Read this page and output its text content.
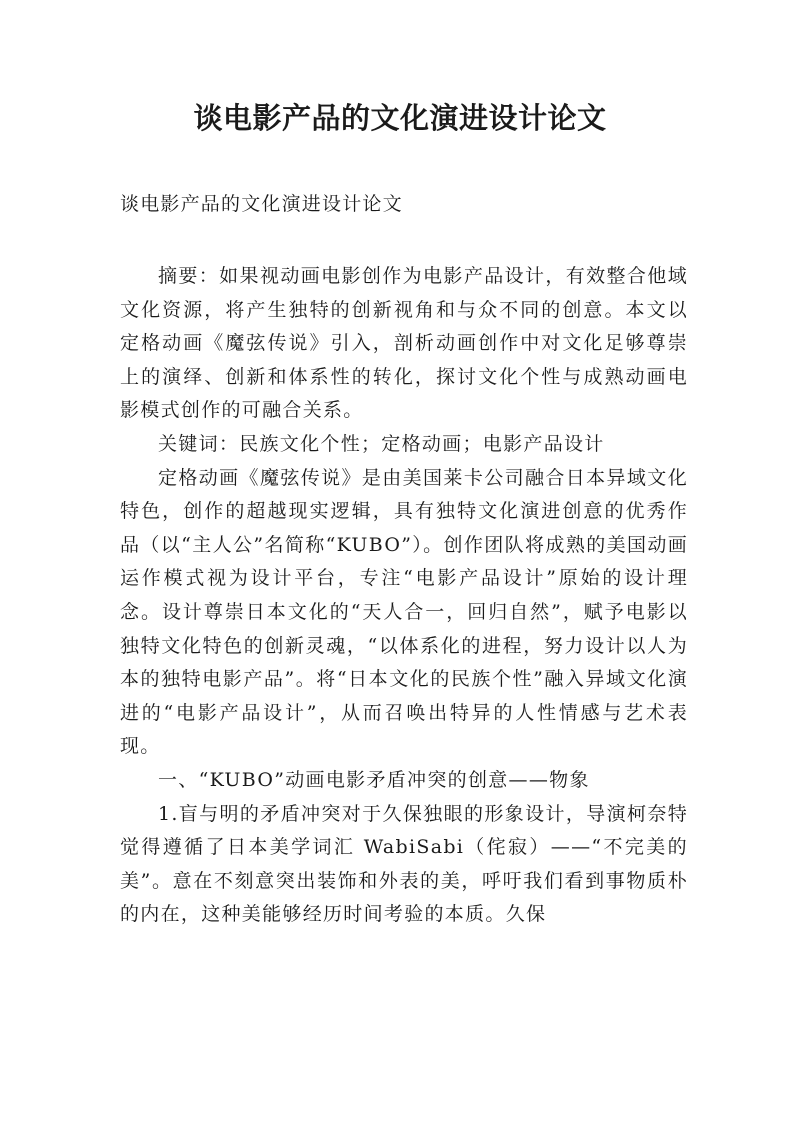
谈电影产品的文化演进设计论文
谈电影产品的文化演进设计论文

摘要：如果视动画电影创作为电影产品设计，有效整合他域文化资源，将产生独特的创新视角和与众不同的创意。本文以定格动画《魔弦传说》引入，剖析动画创作中对文化足够尊崇上的演绎、创新和体系性的转化，探讨文化个性与成熟动画电影模式创作的可融合关系。

关键词：民族文化个性；定格动画；电影产品设计

定格动画《魔弦传说》是由美国莱卡公司融合日本异域文化特色，创作的超越现实逻辑，具有独特文化演进创意的优秀作品（以“主人公”名简称“KUBO”）。创作团队将成熟的美国动画运作模式视为设计平台，专注“电影产品设计”原始的设计理念。设计尊崇日本文化的“天人合一，回归自然”，赋予电影以独特文化特色的创新灵魂，“以体系化的进程，努力设计以人为本的独特电影产品”。将“日本文化的民族个性”融入异域文化演进的“电影产品设计”，从而召唤出特异的人性情感与艺术表现。

一、“KUBO”动画电影矛盾冲突的创意——物象

1.盲与明的矛盾冲突对于久保独眼的形象设计，导演柯奈特觉得遵循了日本美学词汇 WabiSabi（侘寂）——“不完美的美”。意在不刻意突出装饰和外表的美，呼吁我们看到事物质朴的内在，这种美能够经历时间考验的本质。久保
